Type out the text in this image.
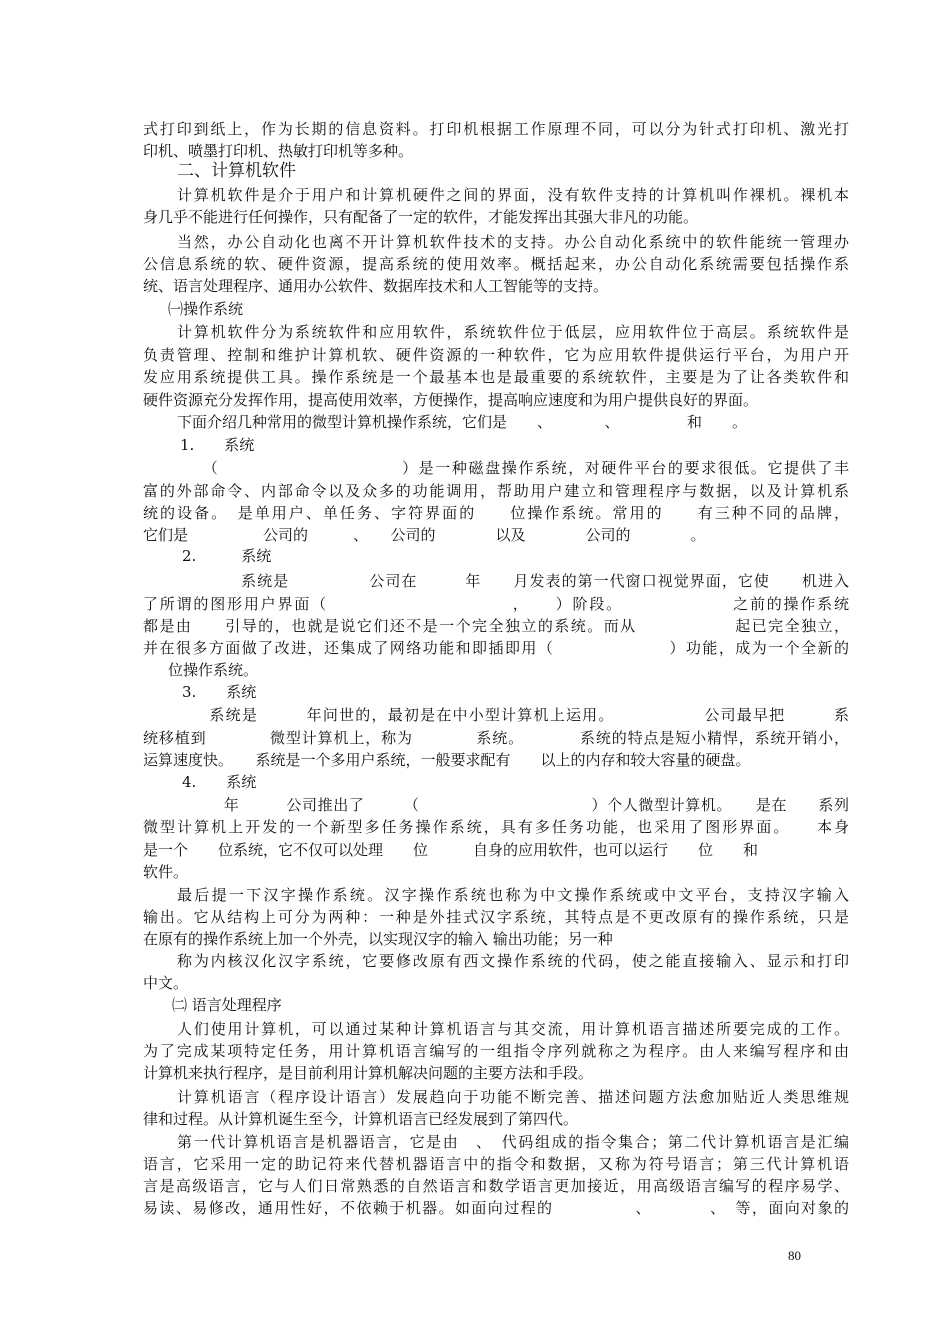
式打印到纸上，作为长期的信息资料。打印机根据工作原理不同，可以分为针式打印机、激光打
印机、喷墨打印机、热敏打印机等多种。
二、计算机软件
计算机软件是介于用户和计算机硬件之间的界面，没有软件支持的计算机叫作裸机。裸机本
身几乎不能进行任何操作，只有配备了一定的软件，才能发挥出其强大非凡的功能。
当然，办公自动化也离不开计算机软件技术的支持。办公自动化系统中的软件能统一管理办
公信息系统的软、硬件资源，提高系统的使用效率。概括起来，办公自动化系统需要包括操作系
统、语言处理程序、通用办公软件、数据库技术和人工智能等的支持。
㈠操作系统
计算机软件分为系统软件和应用软件，系统软件位于低层，应用软件位于高层。系统软件是
负责管理、控制和维护计算机软、硬件资源的一种软件，它为应用软件提供运行平台，为用户开
发应用系统提供工具。操作系统是一个最基本也是最重要的系统软件，主要是为了让各类软件和
硬件资源充分发挥作用，提高使用效率，方便操作，提高响应速度和为用户提供良好的界面。
下面介绍几种常用的微型计算机操作系统，它们是　　、　　　　、　　　　　和　　。
1.　　系统
　　（　　　　　　　　　　　）是一种磁盘操作系统，对硬件平台的要求很低。它提供了丰
富的外部命令、内部命令以及众多的功能调用，帮助用户建立和管理程序与数据，以及计算机系
统的设备。　是单用户、单任务、字符界面的　　位操作系统。常用的　　有三种不同的品牌，
它们是　　　　　公司的　　　、　　公司的　　　　以及　　　　公司的　　　　。
2.　　　系统
　　　　系统是　　　　　公司在　　　年　　月发表的第一代窗口视觉界面，它使　　机进入
了所谓的图形用户界面（　　　　　　　　　　　，　　）阶段。　　　　　　　之前的操作系统
都是由　　引导的，也就是说它们还不是一个完全独立的系统。而从　　　　　　起已完全独立，
并在很多方面做了改进，还集成了网络功能和即插即用（　　　　　　　）功能，成为一个全新的
位操作系统。
3.　　系统
　　系统是　　　年问世的，最初是在中小型计算机上运用。　　　　　　公司最早把　　　系
统移植到　　　　微型计算机上，称为　　　　系统。　　　　系统的特点是短小精悍，系统开销小，
运算速度快。　　系统是一个多用户系统，一般要求配有　　以上的内存和较大容量的硬盘。
4.　　系统
　　　年　　　公司推出了　　　（　　　　　　　　　　　）个人微型计算机。　　是在　　系列
微型计算机上开发的一个新型多任务操作系统，具有多任务功能，也采用了图形界面。　　本身
是一个　　位系统，它不仅可以处理　　位　　　自身的应用软件，也可以运行　　位　　和
软件。
最后提一下汉字操作系统。汉字操作系统也称为中文操作系统或中文平台，支持汉字输入
输出。它从结构上可分为两种：一种是外挂式汉字系统，其特点是不更改原有的操作系统，只是
在原有的操作系统上加一个外壳，以实现汉字的输入 输出功能；另一种
称为内核汉化汉字系统，它要修改原有西文操作系统的代码，使之能直接输入、显示和打印
中文。
㈡ 语言处理程序
人们使用计算机，可以通过某种计算机语言与其交流，用计算机语言描述所要完成的工作。
为了完成某项特定任务，用计算机语言编写的一组指令序列就称之为程序。由人来编写程序和由
计算机来执行程序，是目前利用计算机解决问题的主要方法和手段。
计算机语言（程序设计语言）发展趋向于功能不断完善、描述问题方法愈加贴近人类思维规
律和过程。从计算机诞生至今，计算机语言已经发展到了第四代。
第一代计算机语言是机器语言，它是由　、　代码组成的指令集合；第二代计算机语言是汇编
语言，它采用一定的助记符来代替机器语言中的指令和数据，又称为符号语言；第三代计算机语
言是高级语言，它与人们日常熟悉的自然语言和数学语言更加接近，用高级语言编写的程序易学、
易读、易修改，通用性好，不依赖于机器。如面向过程的　　　　　、　　　　、　等，面向对象的
80
